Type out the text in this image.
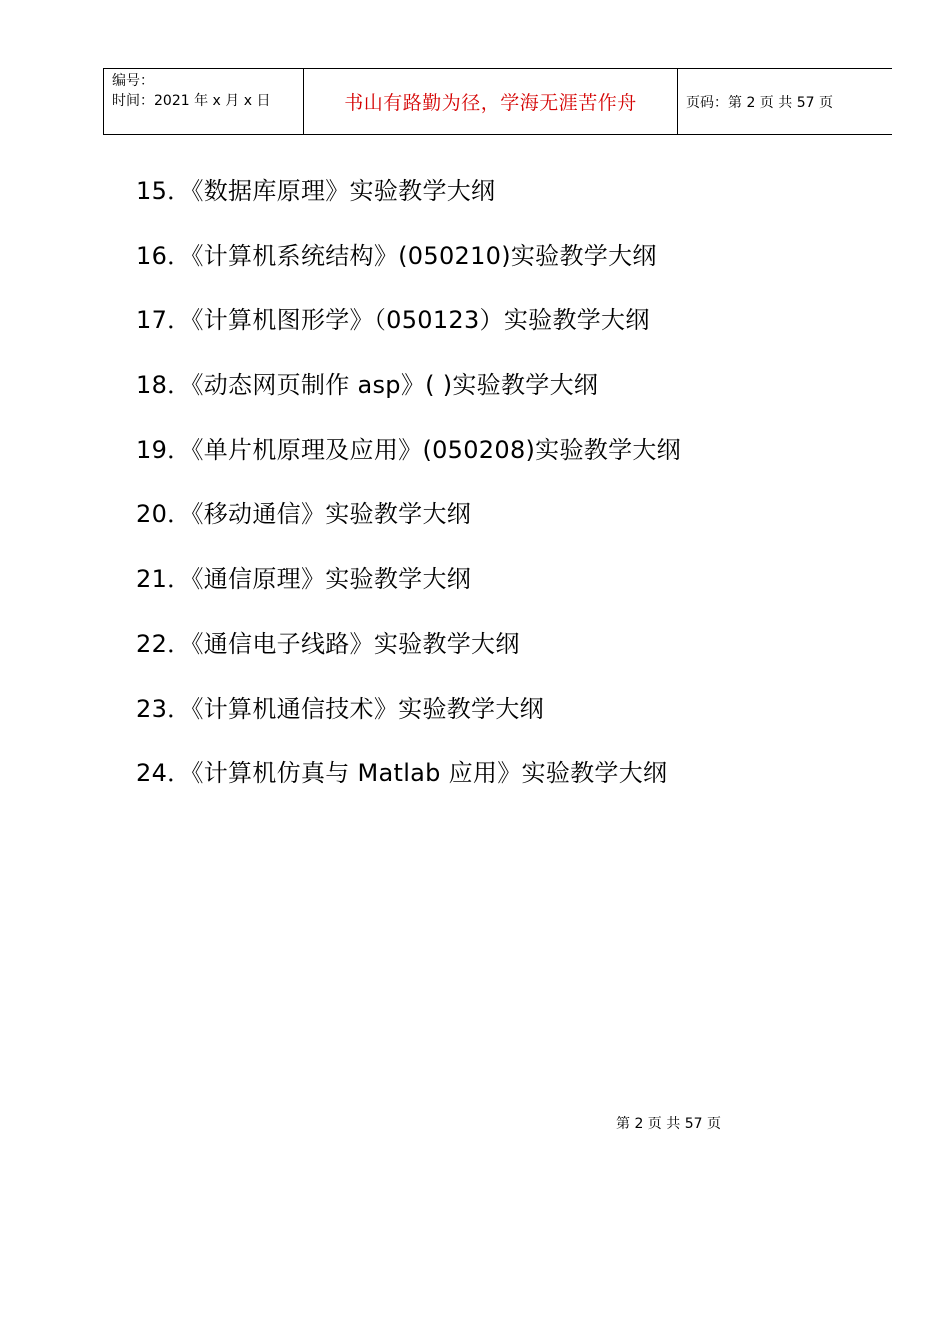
编号：
时间：2021 年 x 月 x 日	书山有路勤为径，学海无涯苦作舟	页码：第 2 页 共 57 页
15．《数据库原理》实验教学大纲
16．《计算机系统结构》(050210)实验教学大纲
17．《计算机图形学》（050123）实验教学大纲
18．《动态网页制作 asp》( )实验教学大纲
19．《单片机原理及应用》(050208)实验教学大纲
20．《移动通信》实验教学大纲
21．《通信原理》实验教学大纲
22．《通信电子线路》实验教学大纲
23．《计算机通信技术》实验教学大纲
24．《计算机仿真与 Matlab 应用》实验教学大纲
第 2 页 共 57 页
